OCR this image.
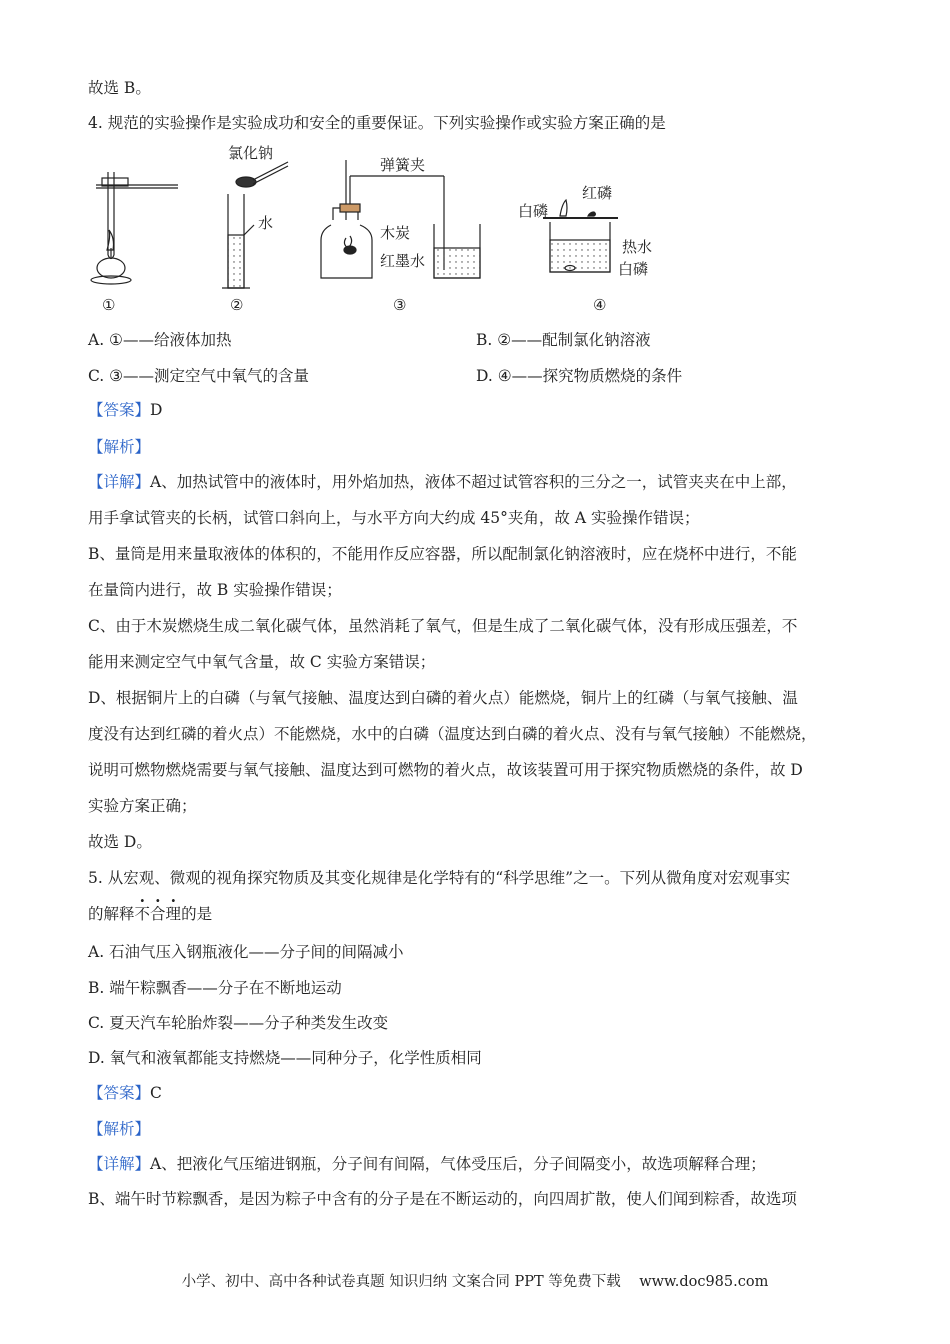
故选 B。
4. 规范的实验操作是实验成功和安全的重要保证。下列实验操作或实验方案正确的是
氯化钠
水
弹簧夹
木炭
红墨水
白磷
红磷
热水
白磷
①	②	③	④
A. ①——给液体加热	B. ②——配制氯化钠溶液
C. ③——测定空气中氧气的含量	D. ④——探究物质燃烧的条件
【答案】D
【解析】
【详解】A、加热试管中的液体时，用外焰加热，液体不超过试管容积的三分之一，试管夹夹在中上部，
用手拿试管夹的长柄，试管口斜向上，与水平方向大约成 45°夹角，故 A 实验操作错误；
B、量筒是用来量取液体的体积的，不能用作反应容器，所以配制氯化钠溶液时，应在烧杯中进行，不能
在量筒内进行，故 B 实验操作错误；
C、由于木炭燃烧生成二氧化碳气体，虽然消耗了氧气，但是生成了二氧化碳气体，没有形成压强差，不
能用来测定空气中氧气含量，故 C 实验方案错误；
D、根据铜片上的白磷（与氧气接触、温度达到白磷的着火点）能燃烧，铜片上的红磷（与氧气接触、温
度没有达到红磷的着火点）不能燃烧，水中的白磷（温度达到白磷的着火点、没有与氧气接触）不能燃烧，
说明可燃物燃烧需要与氧气接触、温度达到可燃物的着火点，故该装置可用于探究物质燃烧的条件，故 D
实验方案正确；
故选 D。
5. 从宏观、微观的视角探究物质及其变化规律是化学特有的“科学思维”之一。下列从微角度对宏观事实
的解释不合理的是
A. 石油气压入钢瓶液化——分子间的间隔减小
B. 端午粽飘香——分子在不断地运动
C. 夏天汽车轮胎炸裂——分子种类发生改变
D. 氧气和液氧都能支持燃烧——同种分子，化学性质相同
【答案】C
【解析】
【详解】A、把液化气压缩进钢瓶，分子间有间隔，气体受压后，分子间隔变小，故选项解释合理；
B、端午时节粽飘香，是因为粽子中含有的分子是在不断运动的，向四周扩散，使人们闻到粽香，故选项
小学、初中、高中各种试卷真题 知识归纳 文案合同 PPT 等免费下载 www.doc985.com
